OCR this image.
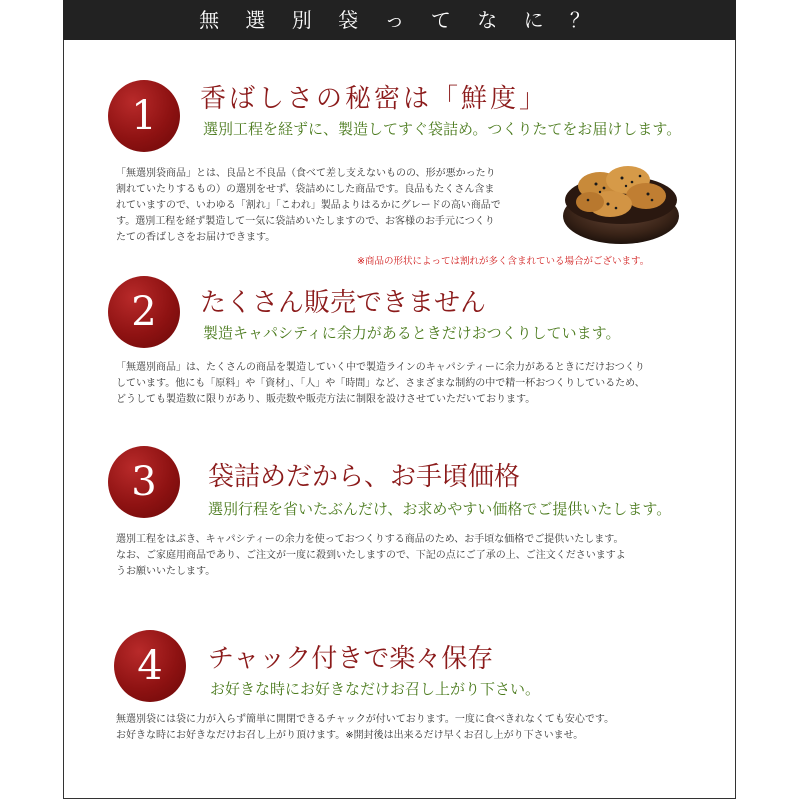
無 選 別 袋 っ て な に ？
1	香ばしさの秘密は「鮮度」
選別工程を経ずに、製造してすぐ袋詰め。つくりたてをお届けします。

「無選別袋商品」とは、良品と不良品（食べて差し支えないものの、形が悪かったり

割れていたりするもの）の選別をせず、袋詰めにした商品です。良品もたくさん含ま

れていますので、いわゆる「割れ」「こわれ」製品よりはるかにグレードの高い商品で

す。選別工程を経ず製造して一気に袋詰めいたしますので、お客様のお手元につくり

たての香ばしさをお届けできます。

※商品の形状によっては割れが多く含まれている場合がございます。
2	たくさん販売できません
製造キャパシティに余力があるときだけおつくりしています。

「無選別商品」は、たくさんの商品を製造していく中で製造ラインのキャパシティーに余力があるときにだけおつくり

しています。他にも「原料」や「資材」、「人」や「時間」など、さまざまな制約の中で精一杯おつくりしているため、

どうしても製造数に限りがあり、販売数や販売方法に制限を設けさせていただいております。

3	袋詰めだから、お手頃価格
選別行程を省いたぶんだけ、お求めやすい価格でご提供いたします。

選別工程をはぶき、キャパシティーの余力を使っておつくりする商品のため、お手頃な価格でご提供いたします。

なお、ご家庭用商品であり、ご注文が一度に殺到いたしますので、下記の点にご了承の上、ご注文くださいますよ

うお願いいたします。

4	チャック付きで楽々保存
お好きな時にお好きなだけお召し上がり下さい。

無選別袋には袋に力が入らず簡単に開閉できるチャックが付いております。一度に食べきれなくても安心です。

お好きな時にお好きなだけお召し上がり頂けます。※開封後は出来るだけ早くお召し上がり下さいませ。
